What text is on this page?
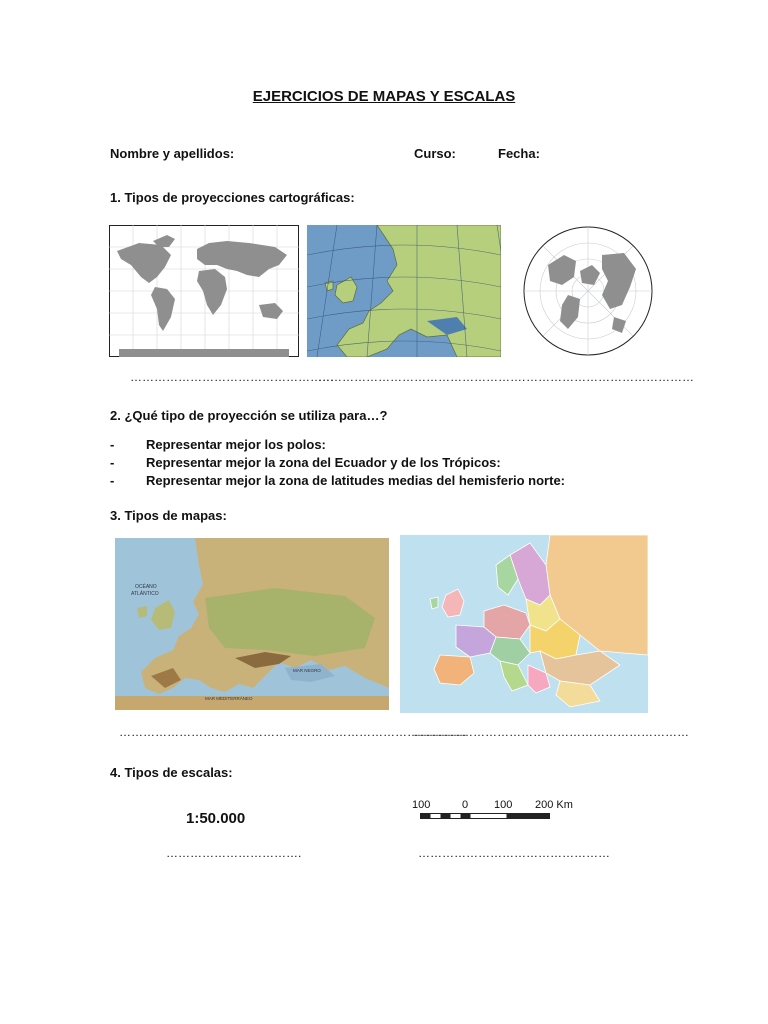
EJERCICIOS DE MAPAS Y ESCALAS
Nombre y apellidos:	Curso:	Fecha:
1. Tipos de proyecciones cartográficas:
……………………………………………
……………………………………………. ……………………………………
2. ¿Qué tipo de proyección se utiliza para…?
- Representar mejor los polos:
- Representar mejor la zona del Ecuador y de los Trópicos:
- Representar mejor la zona de latitudes medias del hemisferio norte:
3. Tipos de mapas:
OCÉANO
ATLÁNTICO
MAR MEDITERRÁNEO
MAR NEGRO
……………………………………………………………………………
……………………………………………………………
4. Tipos de escalas:
1:50.000
100	0 100 200 Km
…………………………….	…………………………………………
